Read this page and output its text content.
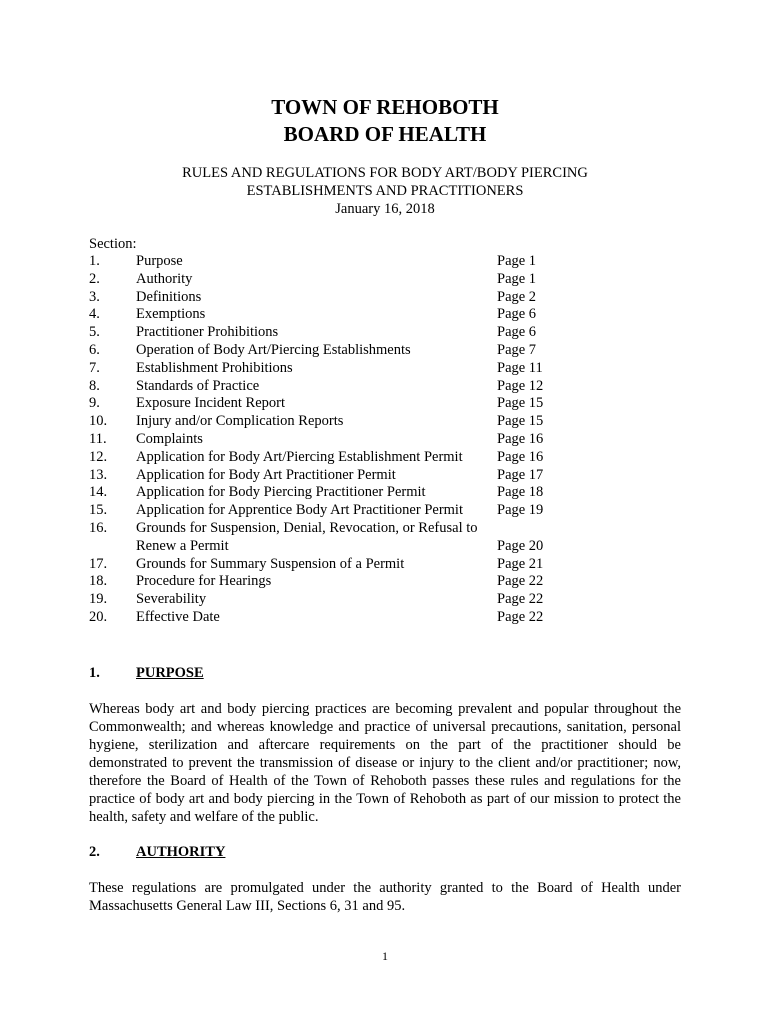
TOWN OF REHOBOTH
BOARD OF HEALTH
RULES AND REGULATIONS FOR BODY ART/BODY PIERCING
ESTABLISHMENTS AND PRACTITIONERS
January 16, 2018
Section:
1. Purpose	Page 1
2. Authority	Page 1
3. Definitions	Page 2
4. Exemptions	Page 6
5. Practitioner Prohibitions	Page 6
6. Operation of Body Art/Piercing Establishments	Page 7
7. Establishment Prohibitions	Page 11
8. Standards of Practice	Page 12
9. Exposure Incident Report	Page 15
10. Injury and/or Complication Reports	Page 15
11. Complaints	Page 16
12. Application for Body Art/Piercing Establishment Permit	Page 16
13. Application for Body Art Practitioner Permit	Page 17
14. Application for Body Piercing Practitioner Permit	Page 18
15. Application for Apprentice Body Art Practitioner Permit	Page 19
16. Grounds for Suspension, Denial, Revocation, or Refusal to Renew a Permit	Page 20
17. Grounds for Summary Suspension of a Permit	Page 21
18. Procedure for Hearings	Page 22
19. Severability	Page 22
20. Effective Date	Page 22
1. PURPOSE
Whereas body art and body piercing practices are becoming prevalent and popular throughout the Commonwealth; and whereas knowledge and practice of universal precautions, sanitation, personal hygiene, sterilization and aftercare requirements on the part of the practitioner should be demonstrated to prevent the transmission of disease or injury to the client and/or practitioner; now, therefore the Board of Health of the Town of Rehoboth passes these rules and regulations for the practice of body art and body piercing in the Town of Rehoboth as part of our mission to protect the health, safety and welfare of the public.
2. AUTHORITY
These regulations are promulgated under the authority granted to the Board of Health under Massachusetts General Law III, Sections 6, 31 and 95.
1
